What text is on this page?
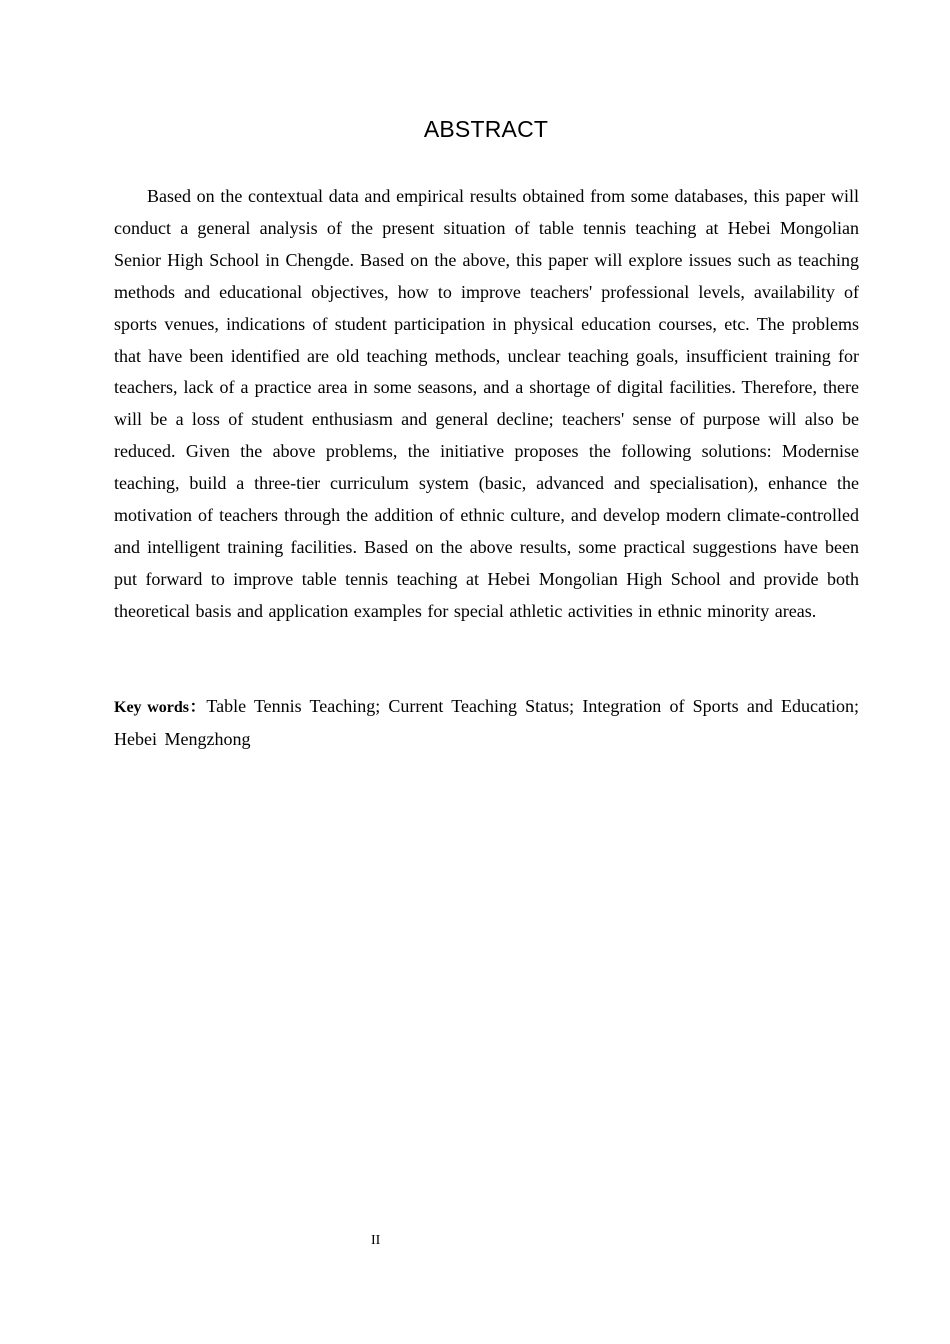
ABSTRACT

Based on the contextual data and empirical results obtained from some databases, this paper will conduct a general analysis of the present situation of table tennis teaching at Hebei Mongolian Senior High School in Chengde. Based on the above, this paper will explore issues such as teaching methods and educational objectives, how to improve teachers' professional levels, availability of sports venues, indications of student participation in physical education courses, etc. The problems that have been identified are old teaching methods, unclear teaching goals, insufficient training for teachers, lack of a practice area in some seasons, and a shortage of digital facilities. Therefore, there will be a loss of student enthusiasm and general decline; teachers' sense of purpose will also be reduced. Given the above problems, the initiative proposes the following solutions: Modernise teaching, build a three-tier curriculum system (basic, advanced and specialisation), enhance the motivation of teachers through the addition of ethnic culture, and develop modern climate-controlled and intelligent training facilities. Based on the above results, some practical suggestions have been put forward to improve table tennis teaching at Hebei Mongolian High School and provide both theoretical basis and application examples for special athletic activities in ethnic minority areas.

Key words：Table Tennis Teaching; Current Teaching Status; Integration of Sports and Education; Hebei Mengzhong

II
